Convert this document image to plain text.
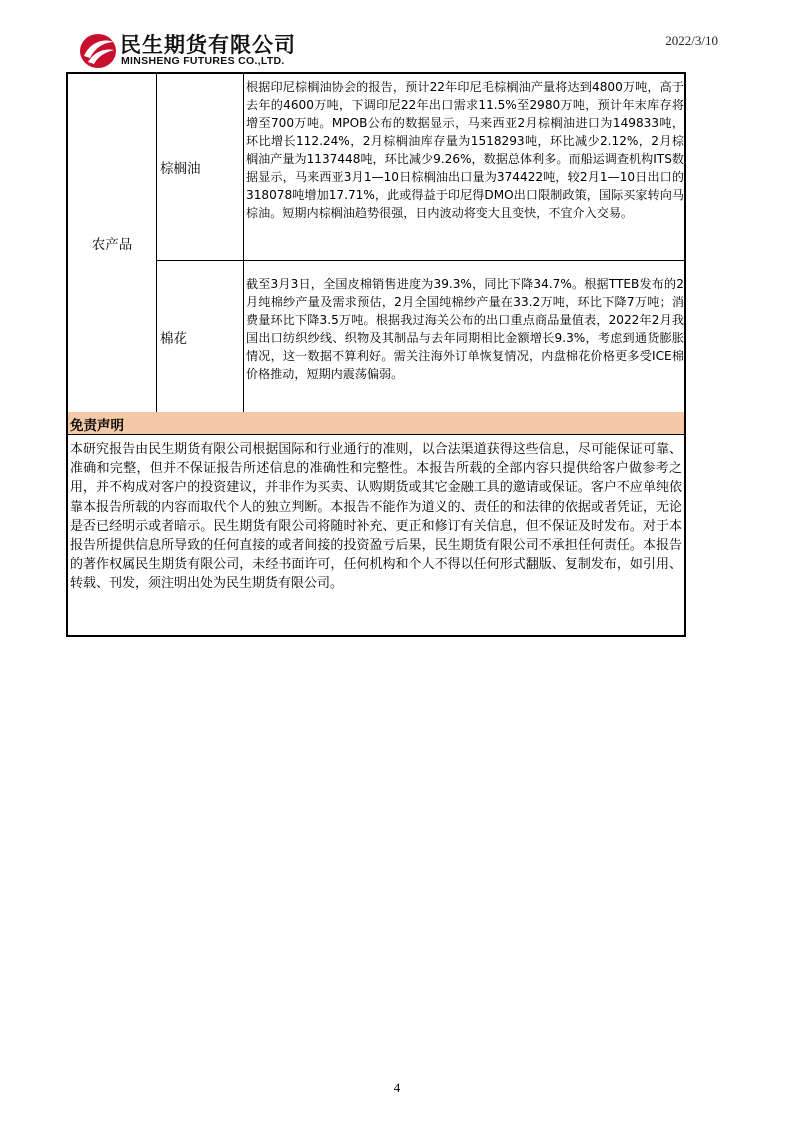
民生期货有限公司
MINSHENG FUTURES CO.,LTD.
2022/3/10
农产品
棕榈油
根据印尼棕榈油协会的报告，预计22年印尼毛棕榈油产量将达到4800万吨，高于去年的4600万吨，下调印尼22年出口需求11.5%至2980万吨，预计年末库存将增至700万吨。MPOB公布的数据显示，马来西亚2月棕榈油进口为149833吨，环比增长112.24%，2月棕榈油库存量为1518293吨，环比减少2.12%，2月棕榈油产量为1137448吨，环比减少9.26%，数据总体利多。而船运调查机构ITS数据显示，马来西亚3月1—10日棕榈油出口量为374422吨，较2月1—10日出口的318078吨增加17.71%，此或得益于印尼得DMO出口限制政策，国际买家转向马棕油。短期内棕榈油趋势很强，日内波动将变大且变快，不宜介入交易。
棉花
截至3月3日，全国皮棉销售进度为39.3%，同比下降34.7%。根据TTEB发布的2月纯棉纱产量及需求预估，2月全国纯棉纱产量在33.2万吨，环比下降7万吨；消费量环比下降3.5万吨。根据我过海关公布的出口重点商品量值表，2022年2月我国出口纺织纱线、织物及其制品与去年同期相比金额增长9.3%，考虑到通货膨胀情况，这一数据不算利好。需关注海外订单恢复情况，内盘棉花价格更多受ICE棉价格推动，短期内震荡偏弱。
免责声明
本研究报告由民生期货有限公司根据国际和行业通行的准则，以合法渠道获得这些信息，尽可能保证可靠、准确和完整，但并不保证报告所述信息的准确性和完整性。本报告所载的全部内容只提供给客户做参考之用，并不构成对客户的投资建议，并非作为买卖、认购期货或其它金融工具的邀请或保证。客户不应单纯依靠本报告所载的内容而取代个人的独立判断。本报告不能作为道义的、责任的和法律的依据或者凭证，无论是否已经明示或者暗示。民生期货有限公司将随时补充、更正和修订有关信息，但不保证及时发布。对于本报告所提供信息所导致的任何直接的或者间接的投资盈亏后果，民生期货有限公司不承担任何责任。本报告的著作权属民生期货有限公司，未经书面许可，任何机构和个人不得以任何形式翻版、复制发布，如引用、转载、刊发，须注明出处为民生期货有限公司。
4
